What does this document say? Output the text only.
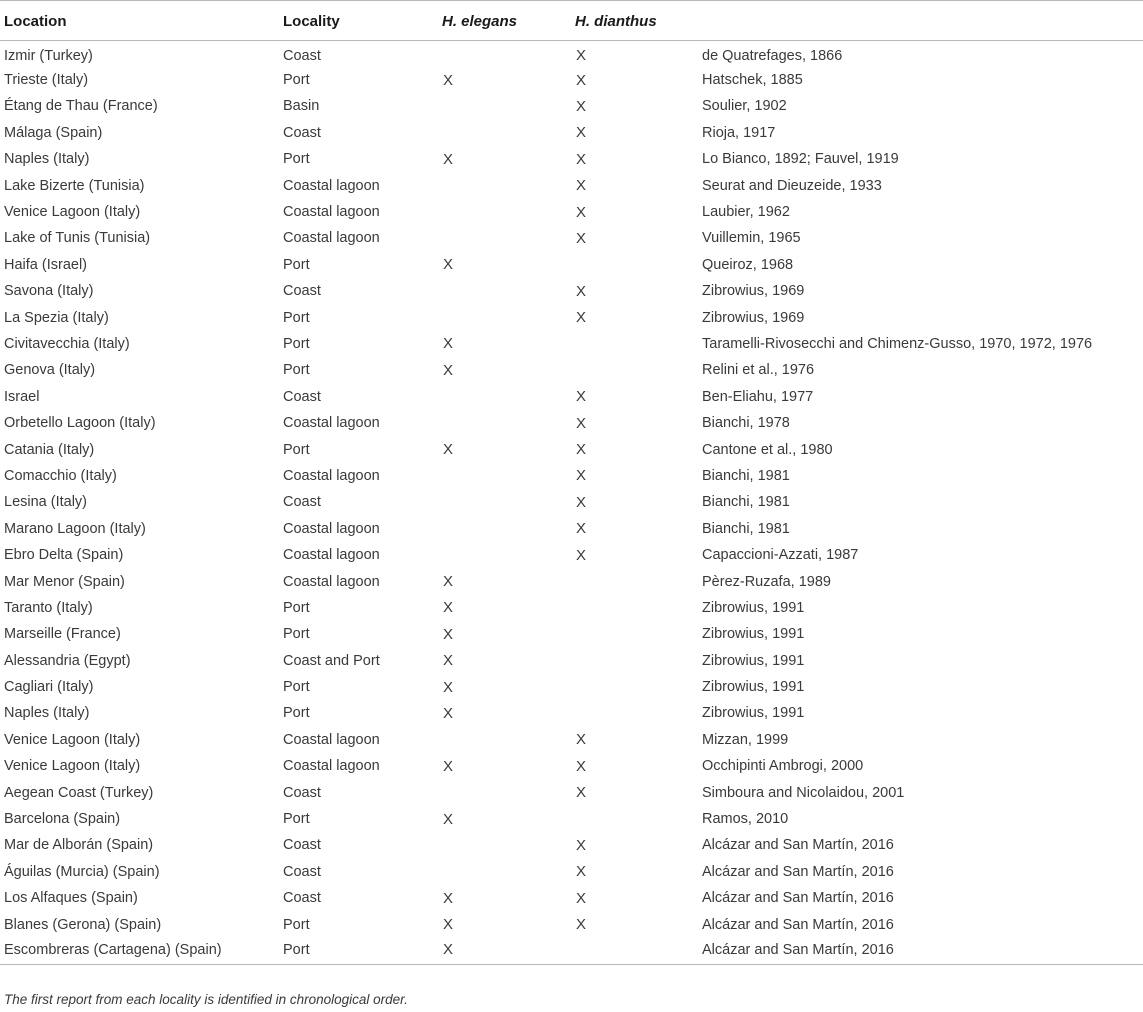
Location	Locality	H. elegans	H. dianthus	
Izmir (Turkey)	Coast		X	de Quatrefages, 1866
Trieste (Italy)	Port	X	X	Hatschek, 1885
Étang de Thau (France)	Basin		X	Soulier, 1902
Málaga (Spain)	Coast		X	Rioja, 1917
Naples (Italy)	Port	X	X	Lo Bianco, 1892; Fauvel, 1919
Lake Bizerte (Tunisia)	Coastal lagoon		X	Seurat and Dieuzeide, 1933
Venice Lagoon (Italy)	Coastal lagoon		X	Laubier, 1962
Lake of Tunis (Tunisia)	Coastal lagoon		X	Vuillemin, 1965
Haifa (Israel)	Port	X		Queiroz, 1968
Savona (Italy)	Coast		X	Zibrowius, 1969
La Spezia (Italy)	Port		X	Zibrowius, 1969
Civitavecchia (Italy)	Port	X		Taramelli-Rivosecchi and Chimenz-Gusso, 1970, 1972, 1976
Genova (Italy)	Port	X		Relini et al., 1976
Israel	Coast		X	Ben-Eliahu, 1977
Orbetello Lagoon (Italy)	Coastal lagoon		X	Bianchi, 1978
Catania (Italy)	Port	X	X	Cantone et al., 1980
Comacchio (Italy)	Coastal lagoon		X	Bianchi, 1981
Lesina (Italy)	Coast		X	Bianchi, 1981
Marano Lagoon (Italy)	Coastal lagoon		X	Bianchi, 1981
Ebro Delta (Spain)	Coastal lagoon		X	Capaccioni-Azzati, 1987
Mar Menor (Spain)	Coastal lagoon	X		Pèrez-Ruzafa, 1989
Taranto (Italy)	Port	X		Zibrowius, 1991
Marseille (France)	Port	X		Zibrowius, 1991
Alessandria (Egypt)	Coast and Port	X		Zibrowius, 1991
Cagliari (Italy)	Port	X		Zibrowius, 1991
Naples (Italy)	Port	X		Zibrowius, 1991
Venice Lagoon (Italy)	Coastal lagoon		X	Mizzan, 1999
Venice Lagoon (Italy)	Coastal lagoon	X	X	Occhipinti Ambrogi, 2000
Aegean Coast (Turkey)	Coast		X	Simboura and Nicolaidou, 2001
Barcelona (Spain)	Port	X		Ramos, 2010
Mar de Alborán (Spain)	Coast		X	Alcázar and San Martín, 2016
Águilas (Murcia) (Spain)	Coast		X	Alcázar and San Martín, 2016
Los Alfaques (Spain)	Coast	X	X	Alcázar and San Martín, 2016
Blanes (Gerona) (Spain)	Port	X	X	Alcázar and San Martín, 2016
Escombreras (Cartagena) (Spain)	Port	X		Alcázar and San Martín, 2016
The first report from each locality is identified in chronological order.
